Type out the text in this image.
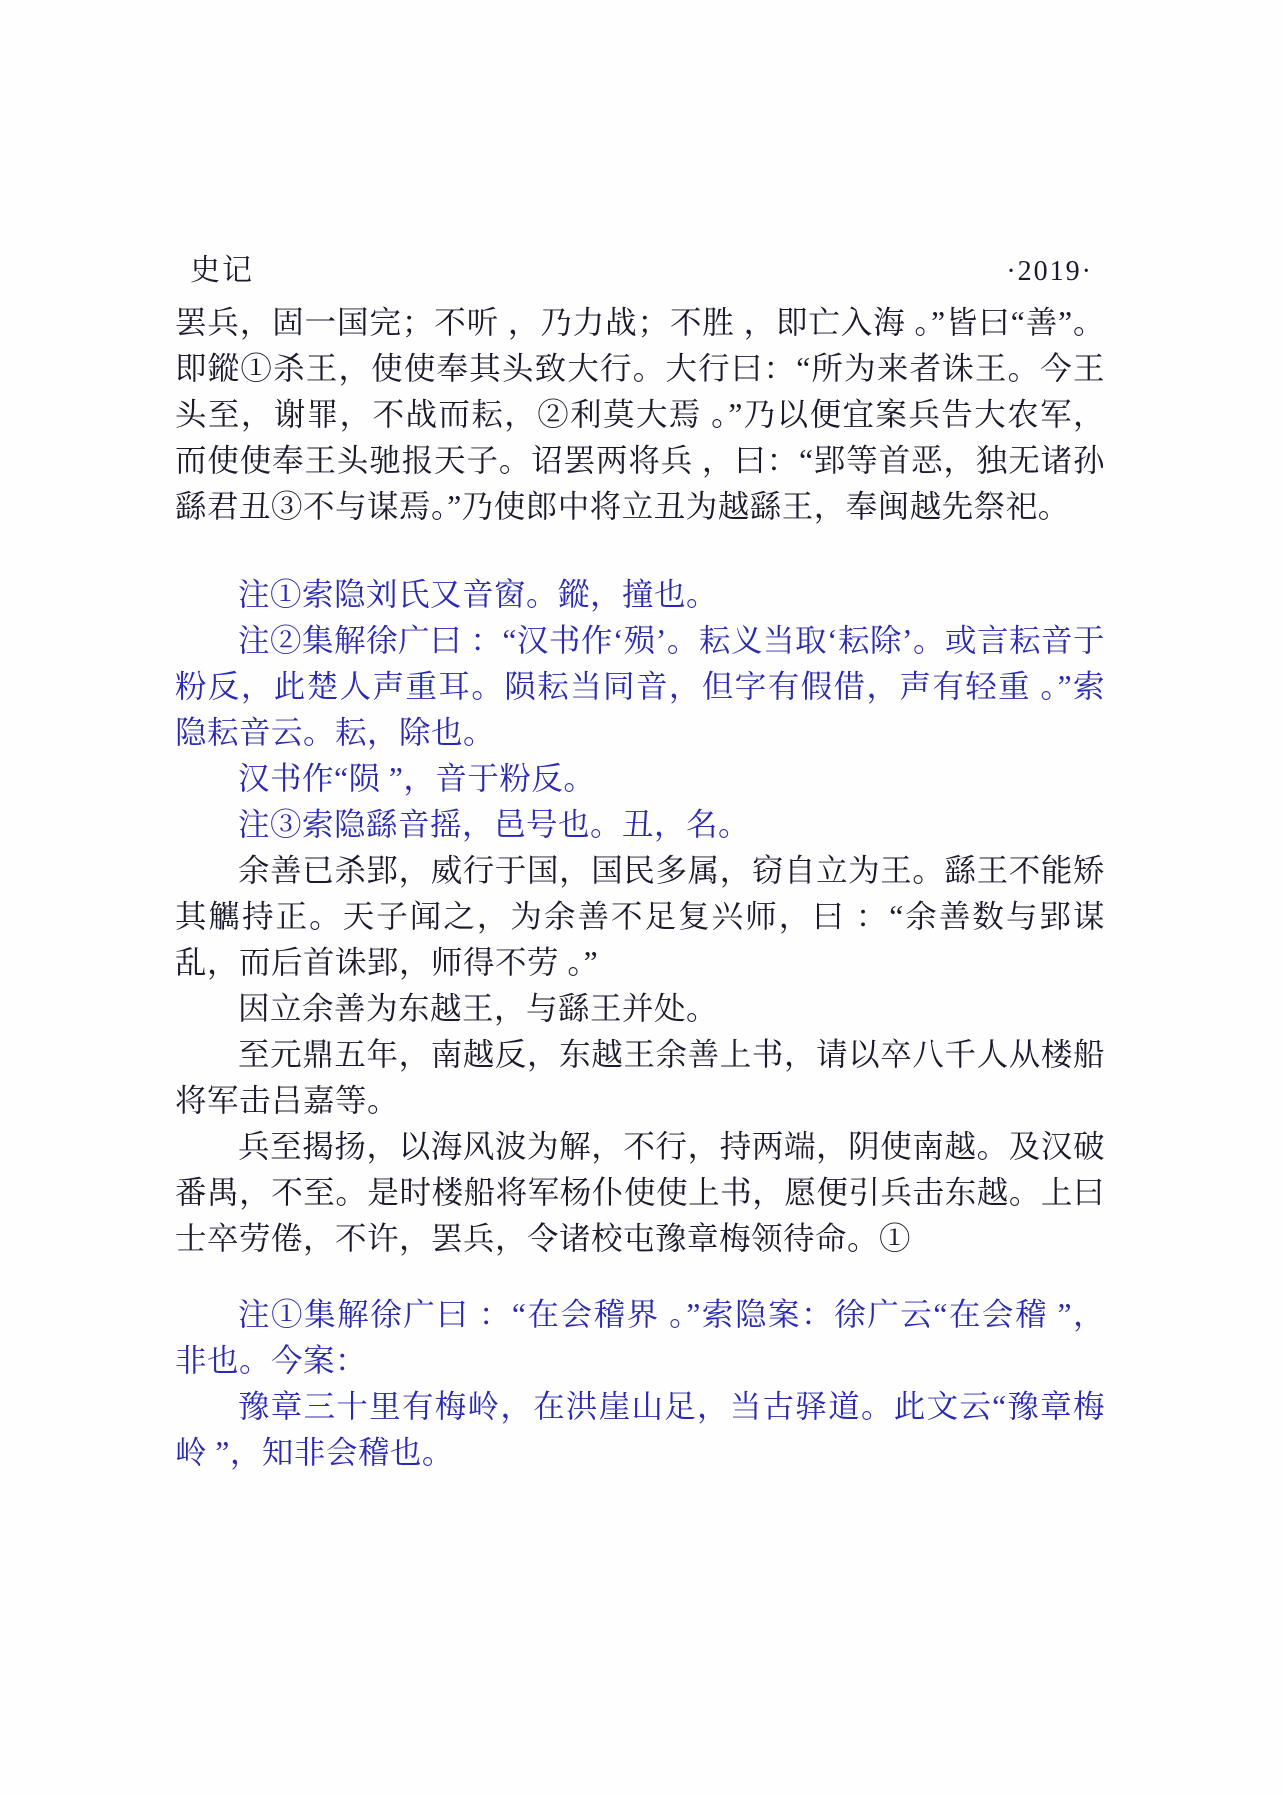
史记	·2019·

罢兵，固一国完；不听 ，乃力战；不胜 ，即亡入海 。”皆曰“善”。即鏦①杀王，使使奉其头致大行。大行曰：“所为来者诛王。今王头至，谢罪，不战而耘，②利莫大焉 。”乃以便宜案兵告大农军，而使使奉王头驰报天子。诏罢两将兵 ，曰：“郢等首恶，独无诸孙繇君丑③不与谋焉。”乃使郎中将立丑为越繇王，奉闽越先祭祀。

注①索隐刘氏又音窗。鏦，撞也。

注②集解徐广曰 ：“汉书作‘殒’。耘义当取‘耘除’。或言耘音于粉反，此楚人声重耳。陨耘当同音，但字有假借，声有轻重 。”索隐耘音云。耘，除也。

汉书作“陨 ”，音于粉反。

注③索隐繇音摇，邑号也。丑，名。

余善已杀郢，威行于国，国民多属，窃自立为王。繇王不能矫其觽持正。天子闻之，为余善不足复兴师，曰 ：“余善数与郢谋乱，而后首诛郢，师得不劳 。”

因立余善为东越王，与繇王并处。

至元鼎五年，南越反，东越王余善上书，请以卒八千人从楼船将军击吕嘉等。

兵至揭扬，以海风波为解，不行，持两端，阴使南越。及汉破番禺，不至。是时楼船将军杨仆使使上书，愿便引兵击东越。上曰士卒劳倦，不许，罢兵，令诸校屯豫章梅领待命。①

注①集解徐广曰 ：“在会稽界 。”索隐案：徐广云“在会稽 ”，非也。今案：

豫章三十里有梅岭，在洪崖山足，当古驿道。此文云“豫章梅岭 ”，知非会稽也。
